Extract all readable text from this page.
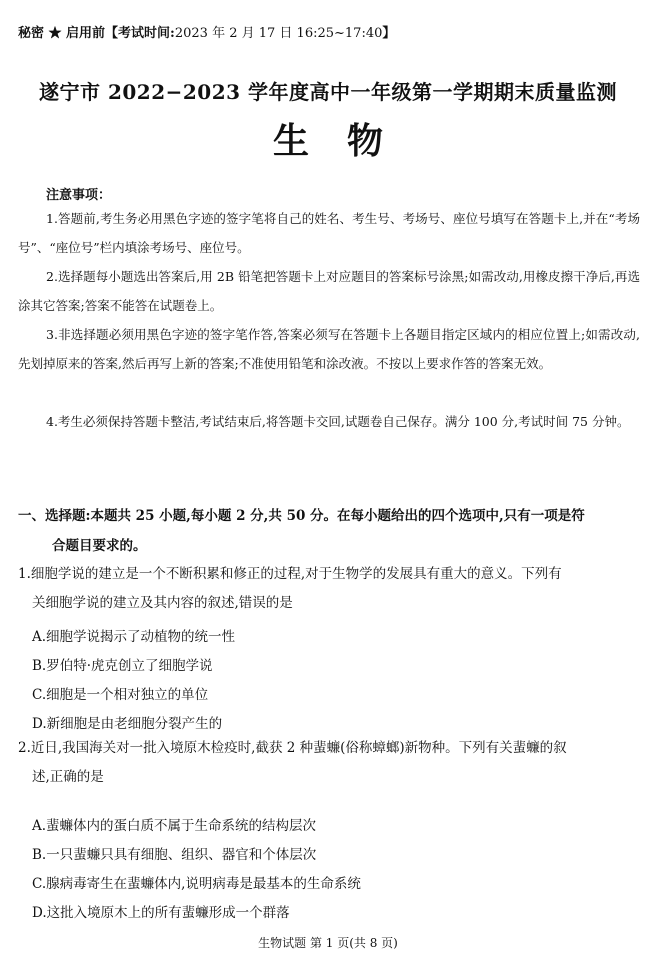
秘密 ★ 启用前【考试时间:2023 年 2 月 17 日 16:25~17:40】
遂宁市 2022−2023 学年度高中一年级第一学期期末质量监测
生物
注意事项：
1.答题前,考生务必用黑色字迹的签字笔将自己的姓名、考生号、考场号、座位号填写在答题卡上,并在“考场号”、“座位号”栏内填涂考场号、座位号。
2.选择题每小题选出答案后,用 2B 铅笔把答题卡上对应题目的答案标号涂黑;如需改动,用橡皮擦干净后,再选涂其它答案;答案不能答在试题卷上。
3.非选择题必须用黑色字迹的签字笔作答,答案必须写在答题卡上各题目指定区域内的相应位置上;如需改动,先划掉原来的答案,然后再写上新的答案;不准使用铅笔和涂改液。不按以上要求作答的答案无效。
4.考生必须保持答题卡整洁,考试结束后,将答题卡交回,试题卷自己保存。满分 100 分,考试时间 75 分钟。
一、选择题:本题共 25 小题,每小题 2 分,共 50 分。在每小题给出的四个选项中,只有一项是符
合题目要求的。
1.细胞学说的建立是一个不断积累和修正的过程,对于生物学的发展具有重大的意义。下列有
关细胞学说的建立及其内容的叙述,错误的是
A.细胞学说揭示了动植物的统一性
B.罗伯特·虎克创立了细胞学说
C.细胞是一个相对独立的单位
D.新细胞是由老细胞分裂产生的
2.近日,我国海关对一批入境原木检疫时,截获 2 种蜚蠊(俗称蟑螂)新物种。下列有关蜚蠊的叙
述,正确的是
A.蜚蠊体内的蛋白质不属于生命系统的结构层次
B.一只蜚蠊只具有细胞、组织、器官和个体层次
C.腺病毒寄生在蜚蠊体内,说明病毒是最基本的生命系统
D.这批入境原木上的所有蜚蠊形成一个群落
生物试题 第 1 页(共 8 页)
